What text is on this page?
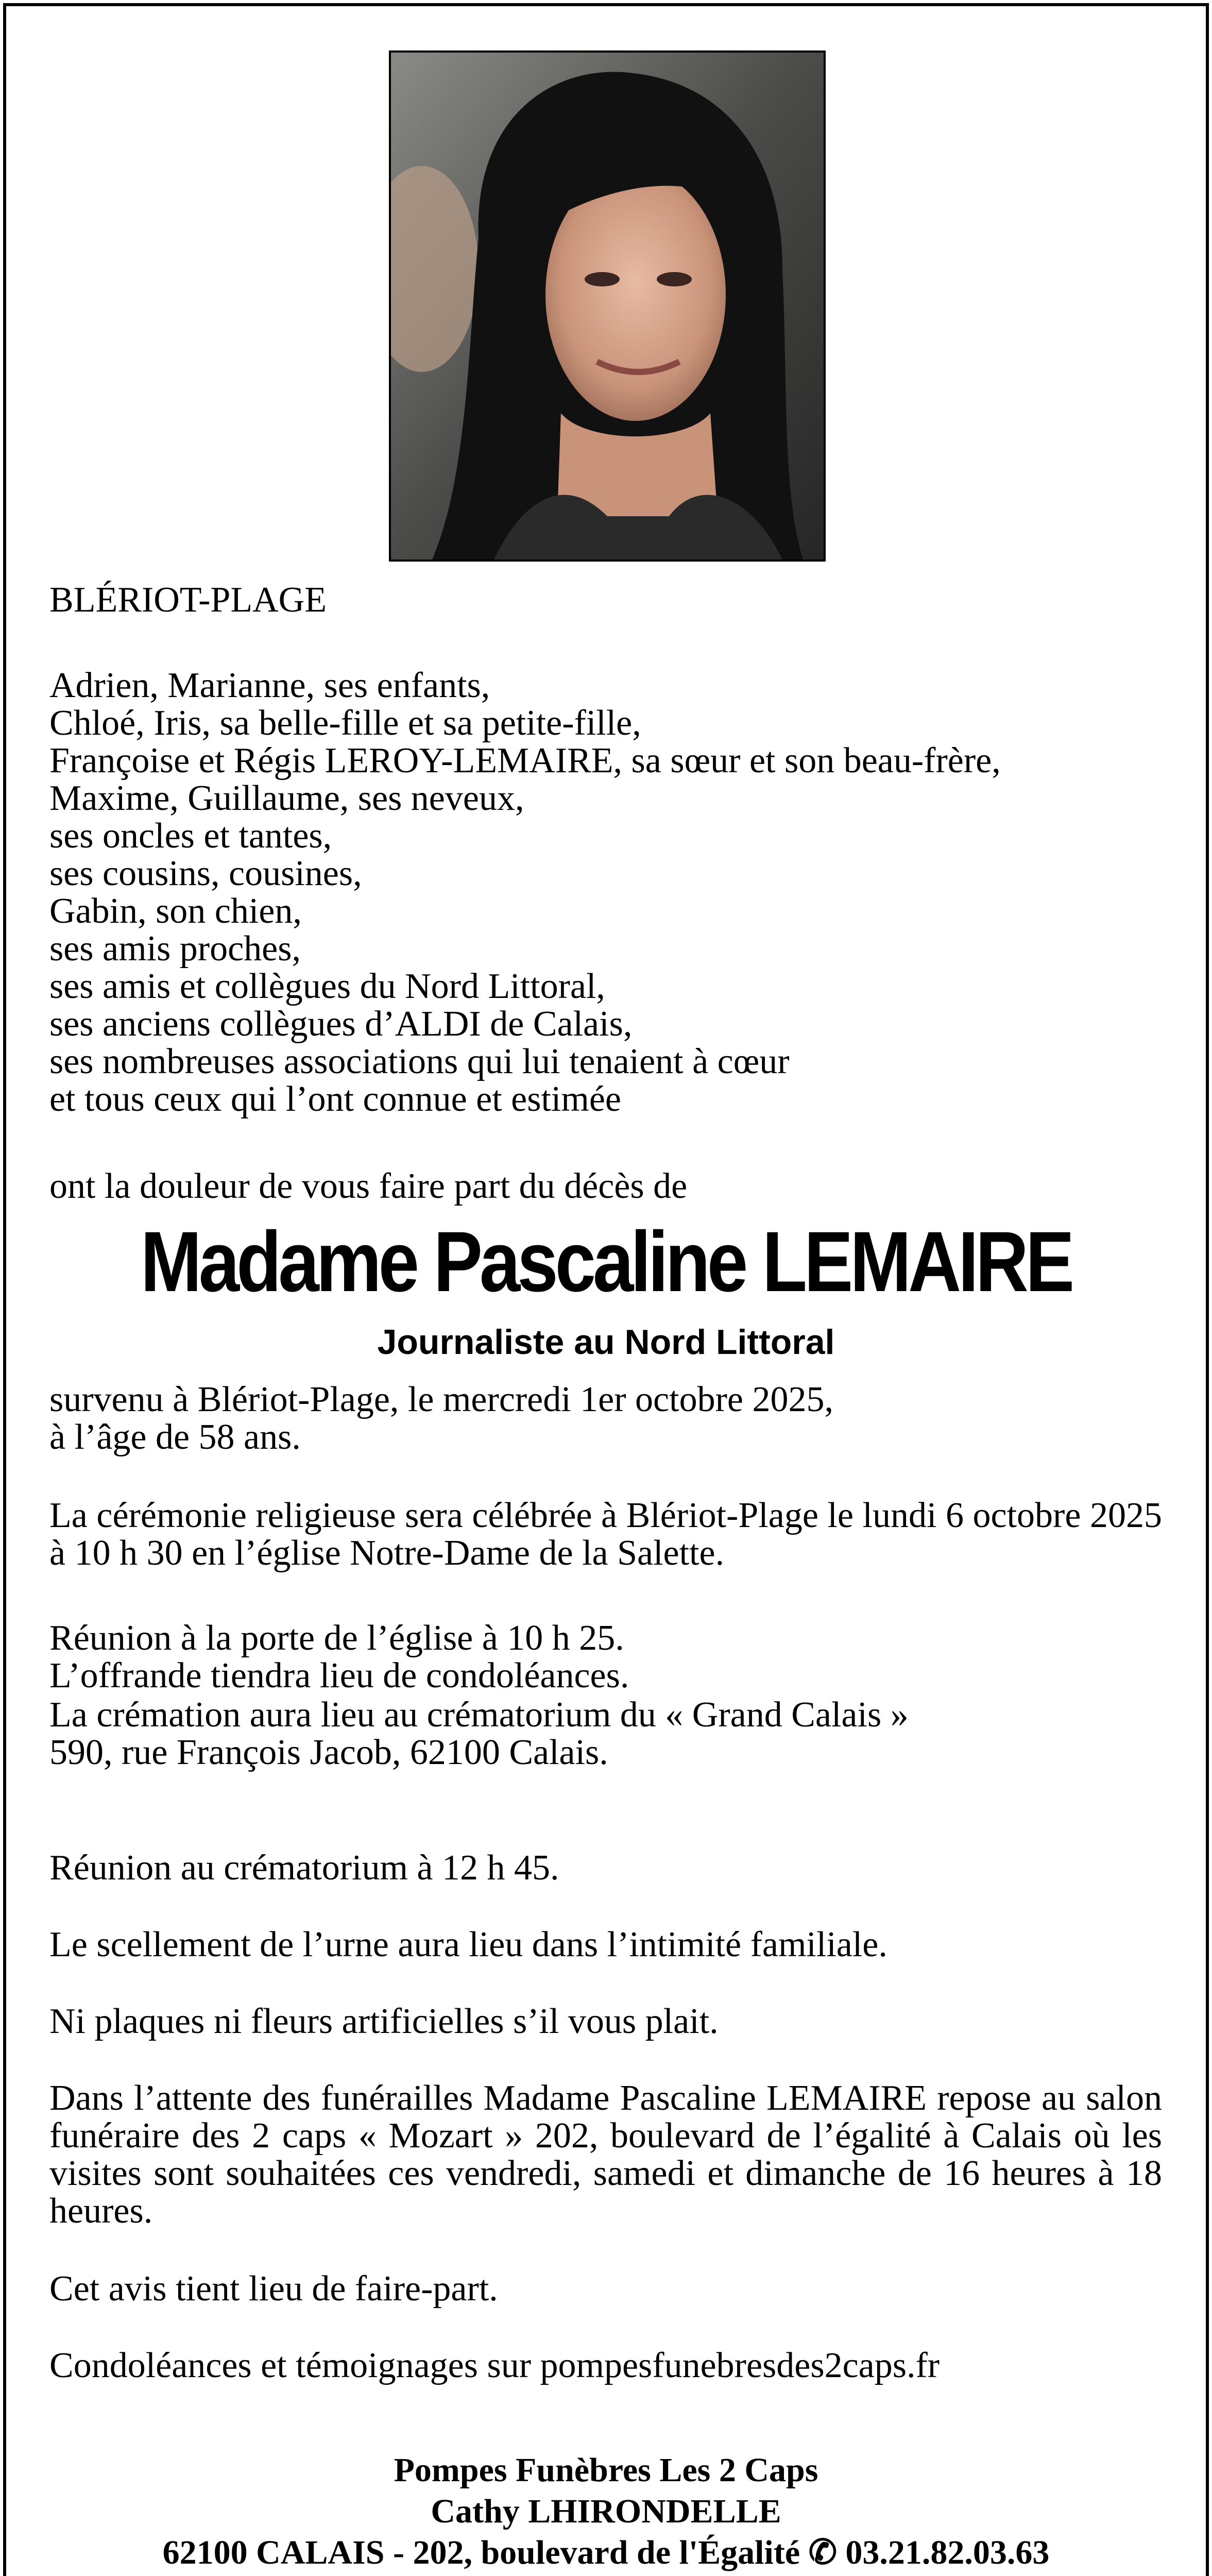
BLÉRIOT-PLAGE
Adrien, Marianne, ses enfants,
Chloé, Iris, sa belle-fille et sa petite-fille,
Françoise et Régis LEROY-LEMAIRE, sa sœur et son beau-frère,
Maxime, Guillaume, ses neveux,
ses oncles et tantes,
ses cousins, cousines,
Gabin, son chien,
ses amis proches,
ses amis et collègues du Nord Littoral,
ses anciens collègues d’ALDI de Calais,
ses nombreuses associations qui lui tenaient à cœur
et tous ceux qui l’ont connue et estimée
ont la douleur de vous faire part du décès de
Madame Pascaline LEMAIRE
Journaliste au Nord Littoral
survenu à Blériot-Plage, le mercredi 1er octobre 2025,
à l’âge de 58 ans.
La cérémonie religieuse sera célébrée à Blériot-Plage le lundi 6 octobre 2025 à 10 h 30 en l’église Notre-Dame de la Salette.
Réunion à la porte de l’église à 10 h 25.
L’offrande tiendra lieu de condoléances.
La crémation aura lieu au crématorium du « Grand Calais »
590, rue François Jacob, 62100 Calais.
Réunion au crématorium à 12 h 45.
Le scellement de l’urne aura lieu dans l’intimité familiale.
Ni plaques ni fleurs artificielles s’il vous plait.
Dans l’attente des funérailles Madame Pascaline LEMAIRE repose au salon funéraire des 2 caps « Mozart » 202, boulevard de l’égalité à Calais où les visites sont souhaitées ces vendredi, samedi et dimanche de 16 heures à 18 heures.
Cet avis tient lieu de faire-part.
Condoléances et témoignages sur pompesfunebresdes2caps.fr
Pompes Funèbres Les 2 Caps
Cathy LHIRONDELLE
62100 CALAIS - 202, boulevard de l'Égalité ✆ 03.21.82.03.63
